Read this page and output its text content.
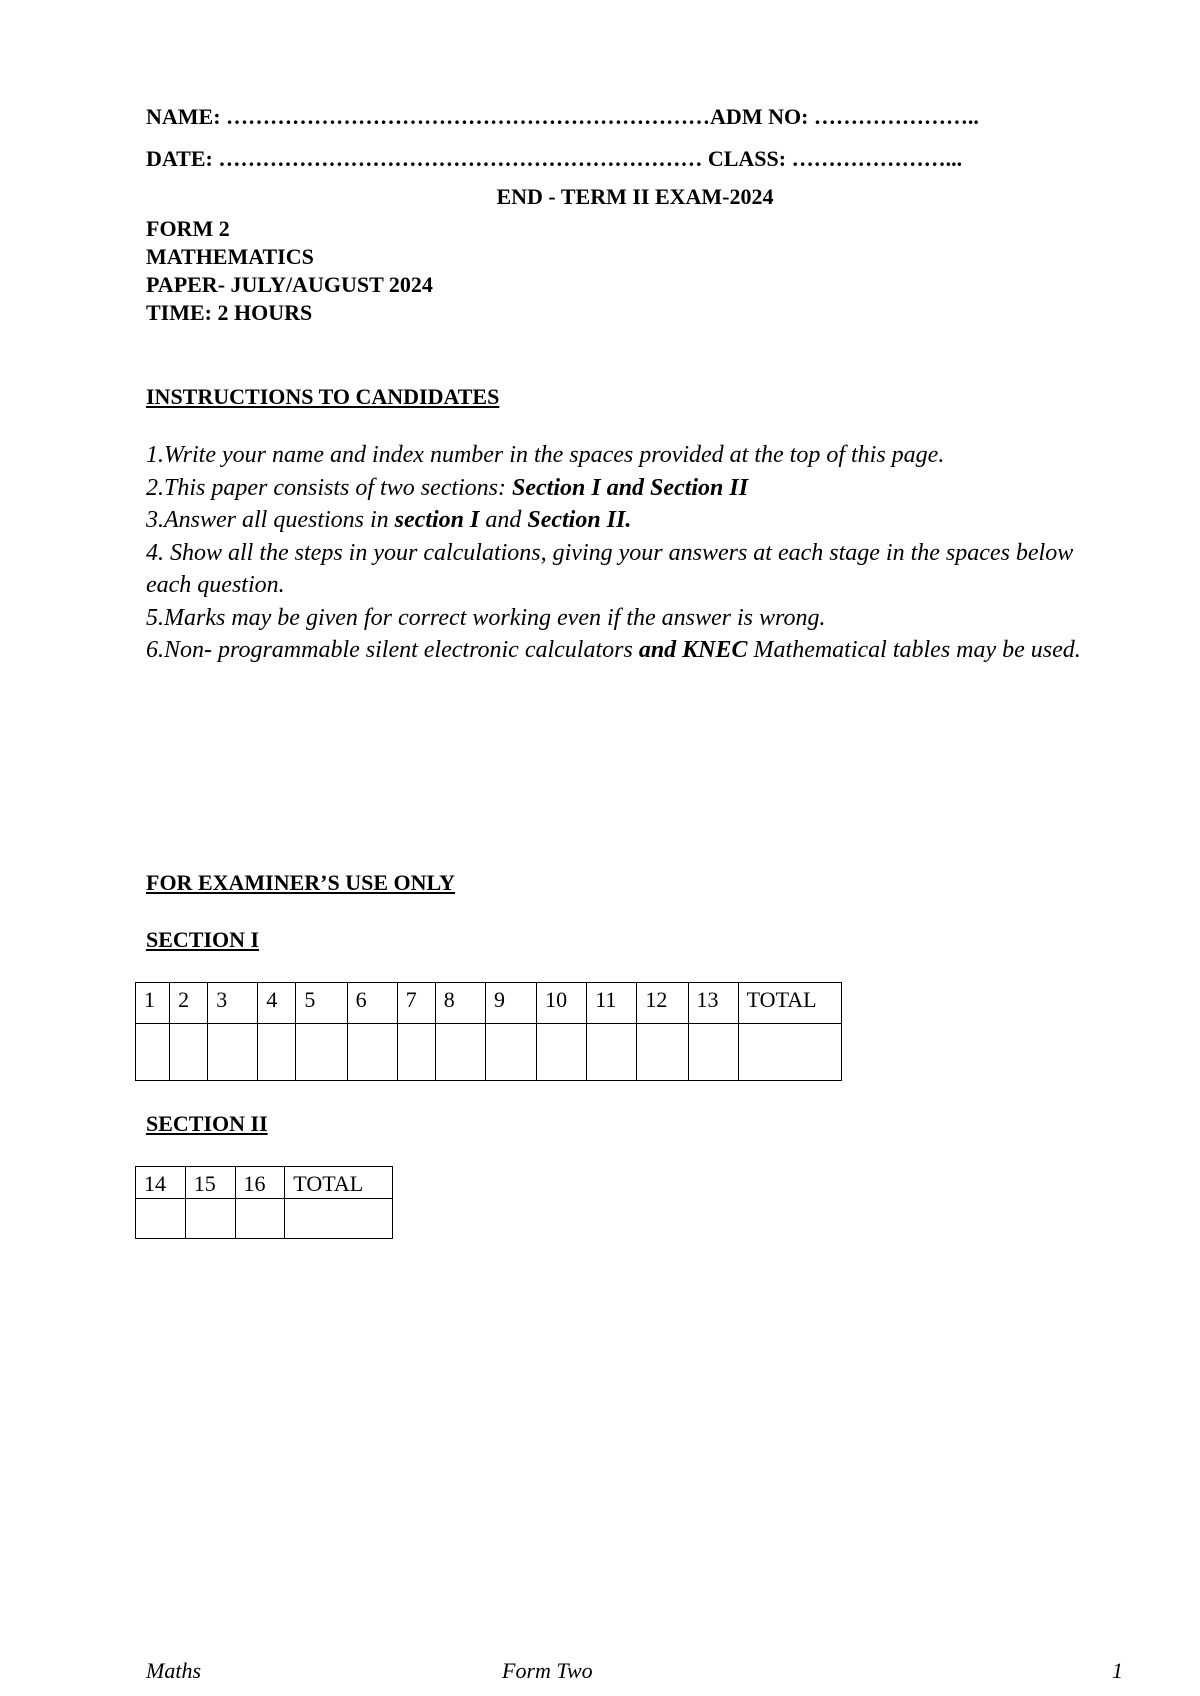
NAME: …………………………………………………………ADM NO: …………………..
DATE: ………………………………………………………… CLASS: …………………...
END - TERM II EXAM-2024
FORM 2
MATHEMATICS
PAPER- JULY/AUGUST 2024
TIME: 2 HOURS
INSTRUCTIONS TO CANDIDATES
1.Write your name and index number in the spaces provided at the top of this page.
2.This paper consists of two sections: Section I and Section II
3.Answer all questions in section I and Section II.
4. Show all the steps in your calculations, giving your answers at each stage in the spaces below each question.
5.Marks may be given for correct working even if the answer is wrong.
6.Non- programmable silent electronic calculators and KNEC Mathematical tables may be used.
FOR EXAMINER’S USE ONLY
SECTION I
1	2	3	4	5	6	7	8	9	10	11	12	13	TOTAL

SECTION II
14	15	16	TOTAL

Maths	Form Two	1
